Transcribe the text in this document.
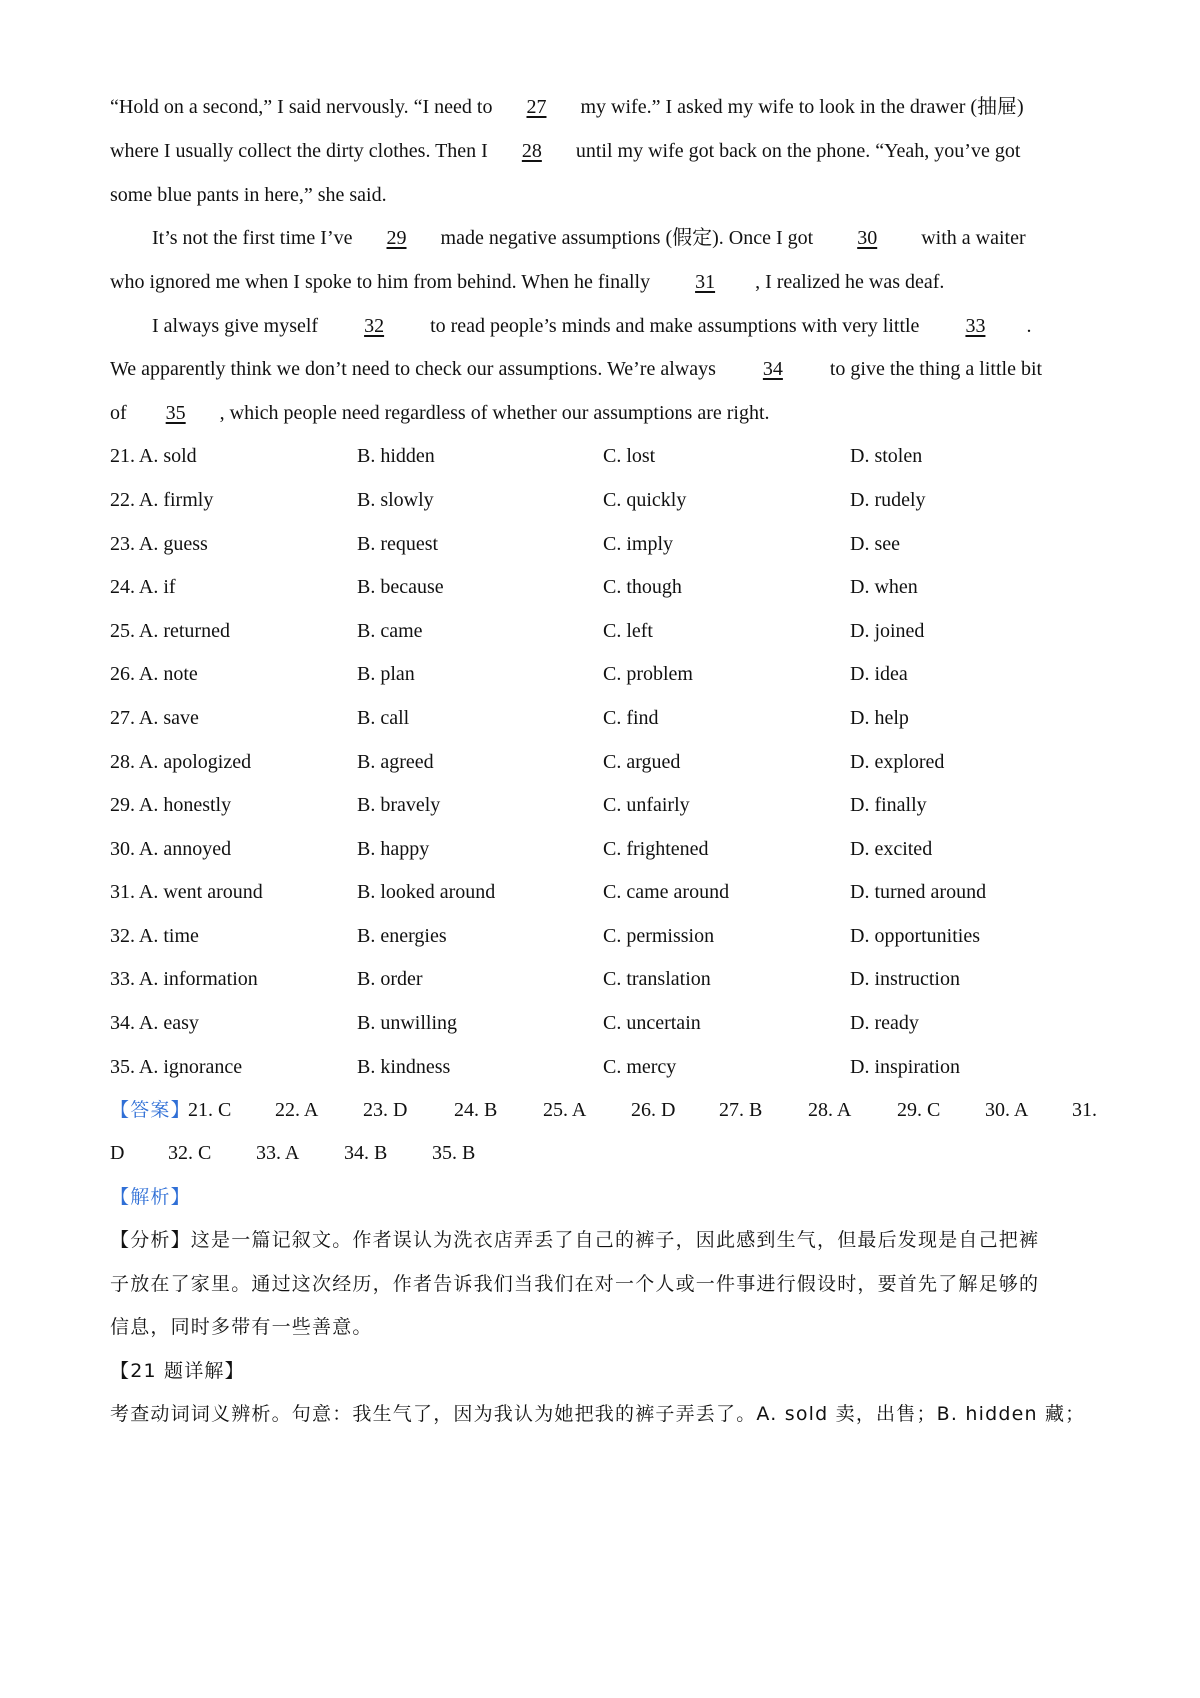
“Hold on a second,” I said nervously. “I need to 27 my wife.” I asked my wife to look in the drawer (抽屉)
where I usually collect the dirty clothes. Then I 28 until my wife got back on the phone. “Yeah, you’ve got
some blue pants in here,” she said.
It’s not the first time I’ve 29 made negative assumptions (假定). Once I got 30 with a waiter
who ignored me when I spoke to him from behind. When he finally 31 , I realized he was deaf.
I always give myself 32 to read people’s minds and make assumptions with very little 33 .
We apparently think we don’t need to check our assumptions. We’re always 34 to give the thing a little bit
of 35 , which people need regardless of whether our assumptions are right.
21. A. sold	B. hidden	C. lost	D. stolen
22. A. firmly	B. slowly	C. quickly	D. rudely
23. A. guess	B. request	C. imply	D. see
24. A. if	B. because	C. though	D. when
25. A. returned	B. came	C. left	D. joined
26. A. note	B. plan	C. problem	D. idea
27. A. save	B. call	C. find	D. help
28. A. apologized	B. agreed	C. argued	D. explored
29. A. honestly	B. bravely	C. unfairly	D. finally
30. A. annoyed	B. happy	C. frightened	D. excited
31. A. went around	B. looked around	C. came around	D. turned around
32. A. time	B. energies	C. permission	D. opportunities
33. A. information	B. order	C. translation	D. instruction
34. A. easy	B. unwilling	C. uncertain	D. ready
35. A. ignorance	B. kindness	C. mercy	D. inspiration
【答案】
21. C 22. A 23. D 24. B 25. A 26. D 27. B 28. A 29. C 30. A 31.
D 32. C 33. A 34. B 35. B
【解析】
【分析】这是一篇记叙文。作者误认为洗衣店弄丢了自己的裤子，因此感到生气，但最后发现是自己把裤
子放在了家里。通过这次经历，作者告诉我们当我们在对一个人或一件事进行假设时，要首先了解足够的
信息，同时多带有一些善意。
【21 题详解】
考查动词词义辨析。句意：我生气了，因为我认为她把我的裤子弄丢了。A. sold 卖，出售；B. hidden 藏；
